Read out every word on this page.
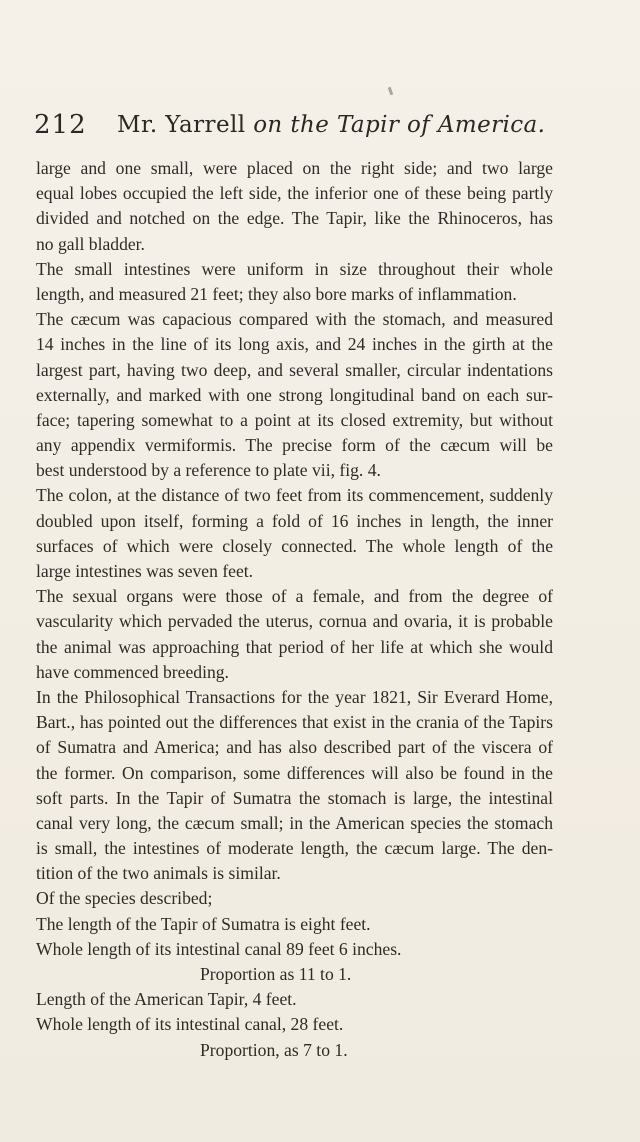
212 Mr. Yarrell on the Tapir of America.
large and one small, were placed on the right side; and two large
equal lobes occupied the left side, the inferior one of these being partly
divided and notched on the edge. The Tapir, like the Rhinoceros, has
no gall bladder.
The small intestines were uniform in size throughout their whole
length, and measured 21 feet; they also bore marks of inflammation.
The cæcum was capacious compared with the stomach, and measured
14 inches in the line of its long axis, and 24 inches in the girth at the
largest part, having two deep, and several smaller, circular indentations
externally, and marked with one strong longitudinal band on each sur-
face; tapering somewhat to a point at its closed extremity, but without
any appendix vermiformis. The precise form of the cæcum will be
best understood by a reference to plate vii, fig. 4.
The colon, at the distance of two feet from its commencement, suddenly
doubled upon itself, forming a fold of 16 inches in length, the inner
surfaces of which were closely connected. The whole length of the
large intestines was seven feet.
The sexual organs were those of a female, and from the degree of
vascularity which pervaded the uterus, cornua and ovaria, it is probable
the animal was approaching that period of her life at which she would
have commenced breeding.
In the Philosophical Transactions for the year 1821, Sir Everard Home,
Bart., has pointed out the differences that exist in the crania of the Tapirs
of Sumatra and America; and has also described part of the viscera of
the former. On comparison, some differences will also be found in the
soft parts. In the Tapir of Sumatra the stomach is large, the intestinal
canal very long, the cæcum small; in the American species the stomach
is small, the intestines of moderate length, the cæcum large. The den-
tition of the two animals is similar.
Of the species described;
The length of the Tapir of Sumatra is eight feet.
Whole length of its intestinal canal 89 feet 6 inches.
Proportion as 11 to 1.
Length of the American Tapir, 4 feet.
Whole length of its intestinal canal, 28 feet.
Proportion, as 7 to 1.
